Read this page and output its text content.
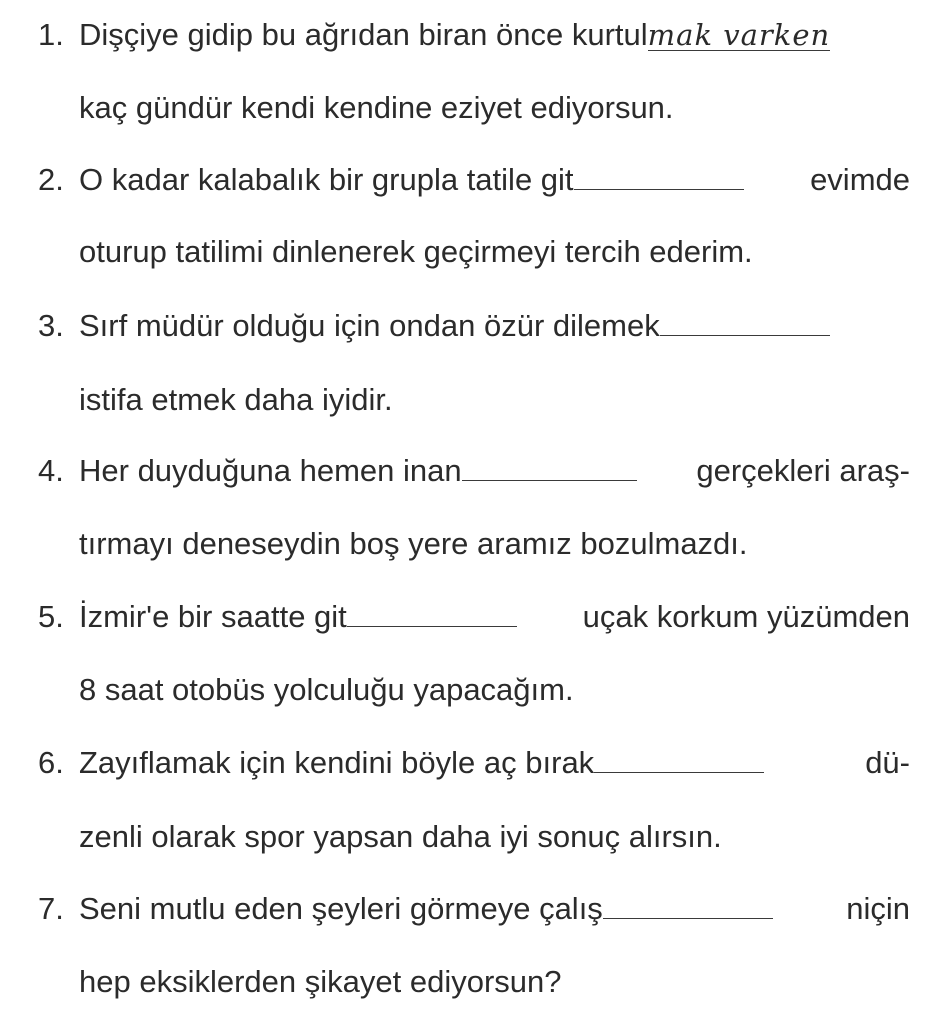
1. Dişçiye gidip bu ağrıdan biran önce kurtul mak varken
kaç gündür kendi kendine eziyet ediyorsun.
2. O kadar kalabalık bir grupla tatile git	evimde
oturup tatilimi dinlenerek geçirmeyi tercih ederim.
3. Sırf müdür olduğu için ondan özür dilemek
istifa etmek daha iyidir.
4. Her duyduğuna hemen inan	gerçekleri araş-
tırmayı deneseydin boş yere aramız bozulmazdı.
5. İzmir'e bir saatte git	uçak korkum yüzümden
8 saat otobüs yolculuğu yapacağım.
6. Zayıflamak için kendini böyle aç bırak	dü-
zenli olarak spor yapsan daha iyi sonuç alırsın.
7. Seni mutlu eden şeyleri görmeye çalış	niçin
hep eksiklerden şikayet ediyorsun?
